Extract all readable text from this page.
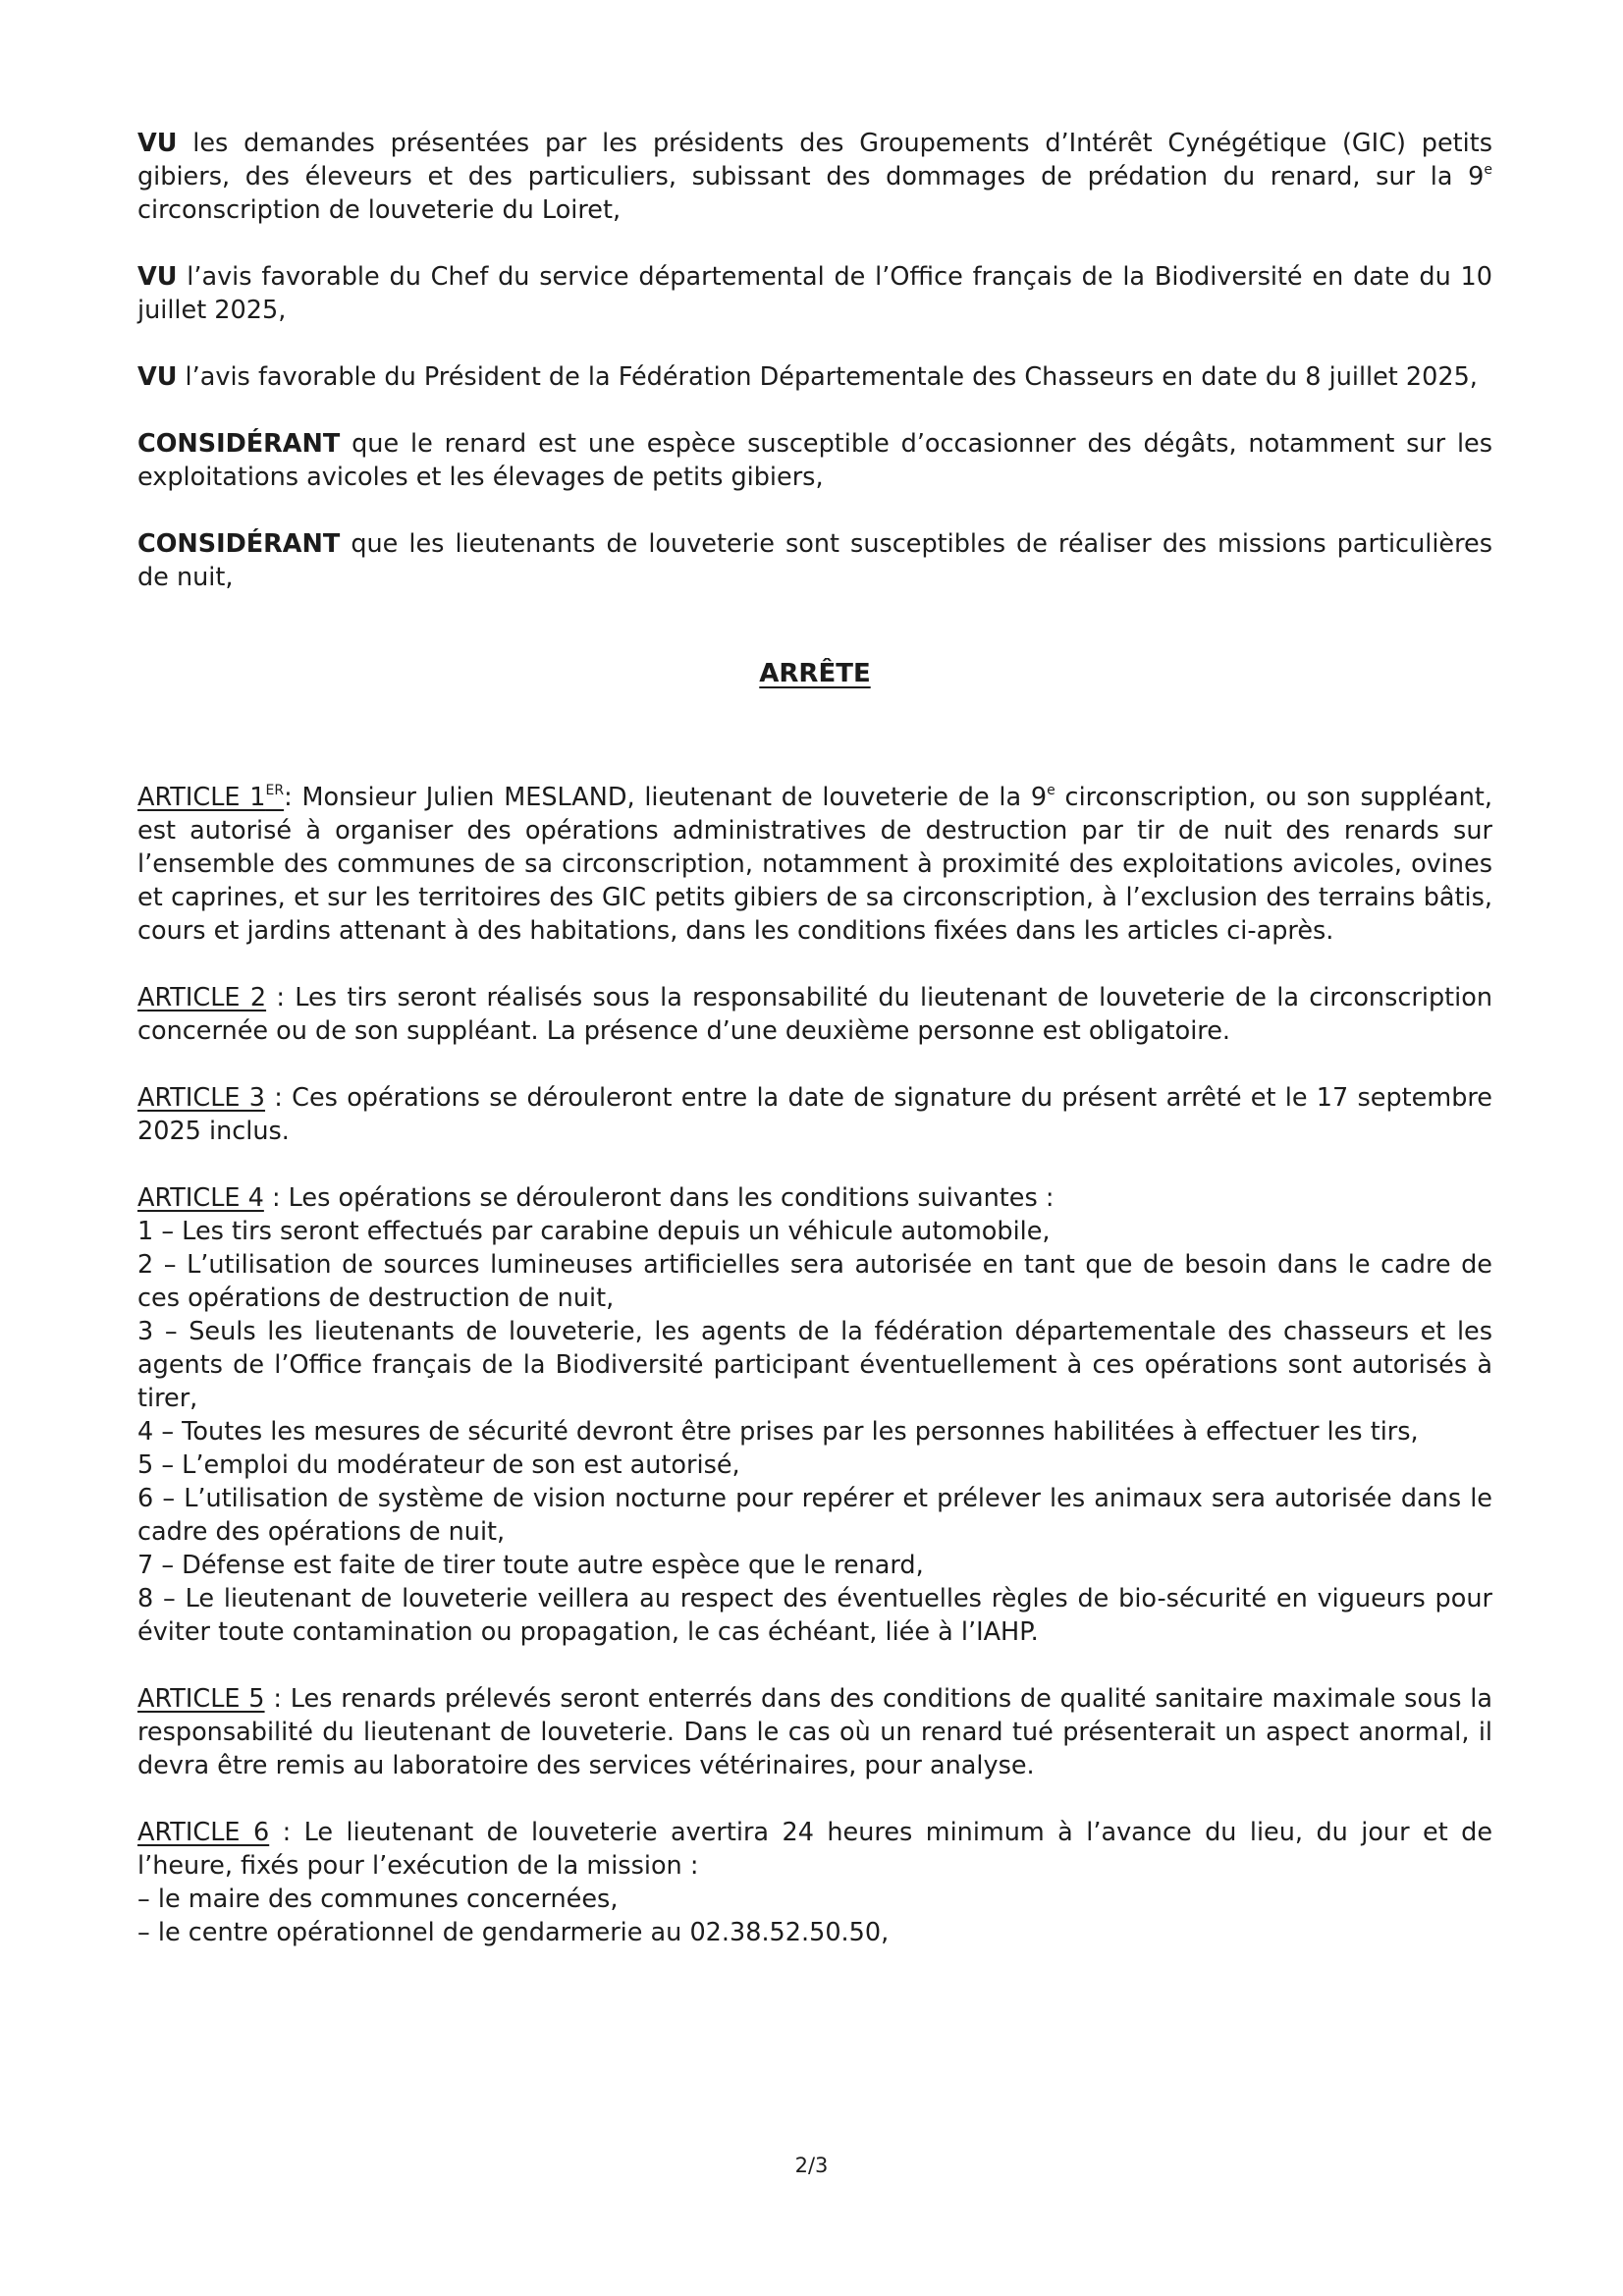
VU les demandes présentées par les présidents des Groupements d’Intérêt Cynégétique (GIC) petits gibiers, des éleveurs et des particuliers, subissant des dommages de prédation du renard, sur la 9e circonscription de louveterie du Loiret,

VU l’avis favorable du Chef du service départemental de l’Office français de la Biodiversité en date du 10 juillet 2025,

VU l’avis favorable du Président de la Fédération Départementale des Chasseurs en date du 8 juillet 2025,

CONSIDÉRANT que le renard est une espèce susceptible d’occasionner des dégâts, notamment sur les exploitations avicoles et les élevages de petits gibiers,

CONSIDÉRANT que les lieutenants de louveterie sont susceptibles de réaliser des missions particulières de nuit,

ARRÊTE

ARTICLE 1ER: Monsieur Julien MESLAND, lieutenant de louveterie de la 9e circonscription, ou son suppléant, est autorisé à organiser des opérations administratives de destruction par tir de nuit des renards sur l’ensemble des communes de sa circonscription, notamment à proximité des exploitations avicoles, ovines et caprines, et sur les territoires des GIC petits gibiers de sa circonscription, à l’exclusion des terrains bâtis, cours et jardins attenant à des habitations, dans les conditions fixées dans les articles ci-après.

ARTICLE 2 : Les tirs seront réalisés sous la responsabilité du lieutenant de louveterie de la circonscription concernée ou de son suppléant. La présence d’une deuxième personne est obligatoire.

ARTICLE 3 : Ces opérations se dérouleront entre la date de signature du présent arrêté et le 17 septembre 2025 inclus.

ARTICLE 4 : Les opérations se dérouleront dans les conditions suivantes :
1 – Les tirs seront effectués par carabine depuis un véhicule automobile,
2 – L’utilisation de sources lumineuses artificielles sera autorisée en tant que de besoin dans le cadre de ces opérations de destruction de nuit,
3 – Seuls les lieutenants de louveterie, les agents de la fédération départementale des chasseurs et les agents de l’Office français de la Biodiversité participant éventuellement à ces opérations sont autorisés à tirer,
4 – Toutes les mesures de sécurité devront être prises par les personnes habilitées à effectuer les tirs,
5 – L’emploi du modérateur de son est autorisé,
6 – L’utilisation de système de vision nocturne pour repérer et prélever les animaux sera autorisée dans le cadre des opérations de nuit,
7 – Défense est faite de tirer toute autre espèce que le renard,
8 – Le lieutenant de louveterie veillera au respect des éventuelles règles de bio-sécurité en vigueurs pour éviter toute contamination ou propagation, le cas échéant, liée à l’IAHP.

ARTICLE 5 : Les renards prélevés seront enterrés dans des conditions de qualité sanitaire maximale sous la responsabilité du lieutenant de louveterie. Dans le cas où un renard tué présenterait un aspect anormal, il devra être remis au laboratoire des services vétérinaires, pour analyse.

ARTICLE 6 : Le lieutenant de louveterie avertira 24 heures minimum à l’avance du lieu, du jour et de l’heure, fixés pour l’exécution de la mission :
– le maire des communes concernées,
– le centre opérationnel de gendarmerie au 02.38.52.50.50,

2/3
